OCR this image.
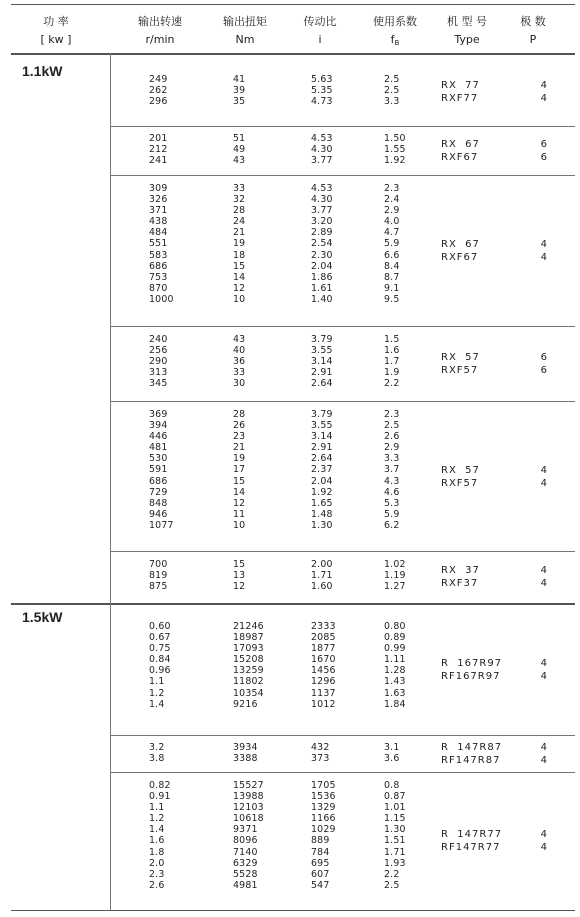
功 率
[ kw ]
输出转速
r/min
输出扭矩
Nm
传动比
i
使用系数
fB
机 型 号
Type
极 数
P
1.1kW
1.5kW
249
262
296
41
39
35
5.63
5.35
4.73
2.5
2.5
3.3
RX  77
RXF77
4
4
201
212
241
51
49
43
4.53
4.30
3.77
1.50
1.55
1.92
RX  67
RXF67
6
6
309
326
371
438
484
551
583
686
753
870
1000
33
32
28
24
21
19
18
15
14
12
10
4.53
4.30
3.77
3.20
2.89
2.54
2.30
2.04
1.86
1.61
1.40
2.3
2.4
2.9
4.0
4.7
5.9
6.6
8.4
8.7
9.1
9.5
RX  67
RXF67
4
4
240
256
290
313
345
43
40
36
33
30
3.79
3.55
3.14
2.91
2.64
1.5
1.6
1.7
1.9
2.2
RX  57
RXF57
6
6
369
394
446
481
530
591
686
729
848
946
1077
28
26
23
21
19
17
15
14
12
11
10
3.79
3.55
3.14
2.91
2.64
2.37
2.04
1.92
1.65
1.48
1.30
2.3
2.5
2.6
2.9
3.3
3.7
4.3
4.6
5.3
5.9
6.2
RX  57
RXF57
4
4
700
819
875
15
13
12
2.00
1.71
1.60
1.02
1.19
1.27
RX  37
RXF37
4
4
0.60
0.67
0.75
0.84
0.96
1.1
1.2
1.4
21246
18987
17093
15208
13259
11802
10354
9216
2333
2085
1877
1670
1456
1296
1137
1012
0.80
0.89
0.99
1.11
1.28
1.43
1.63
1.84
R  167R97
RF167R97
4
4
3.2
3.8
3934
3388
432
373
3.1
3.6
R  147R87
RF147R87
4
4
0.82
0.91
1.1
1.2
1.4
1.6
1.8
2.0
2.3
2.6
15527
13988
12103
10618
9371
8096
7140
6329
5528
4981
1705
1536
1329
1166
1029
889
784
695
607
547
0.8
0.87
1.01
1.15
1.30
1.51
1.71
1.93
2.2
2.5
R  147R77
RF147R77
4
4
